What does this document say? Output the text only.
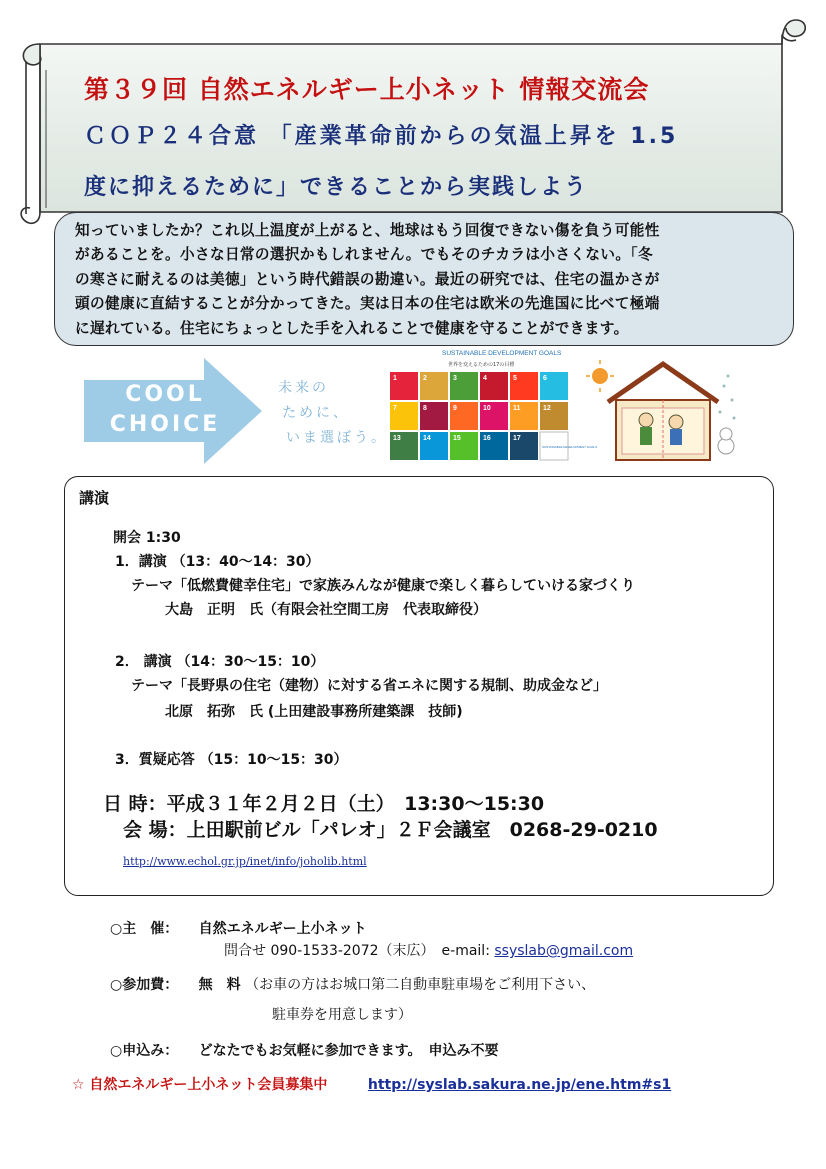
第３９回 自然エネルギー上小ネット 情報交流会
ＣＯＰ２４合意 「産業革命前からの気温上昇を 1.5
度に抑えるために」できることから実践しよう

知っていましたか？これ以上温度が上がると、地球はもう回復できない傷を負う可能性

があることを。小さな日常の選択かもしれません。でもそのチカラは小さくない。「冬

の寒さに耐えるのは美徳」という時代錯誤の勘違い。最近の研究では、住宅の温かさが

頭の健康に直結することが分かってきた。実は日本の住宅は欧米の先進国に比べて極端

に遅れている。住宅にちょっとした手を入れることで健康を守ることができます。

COOL
CHOICE
未来の
ために、
いま選ぼう。
SUSTAINABLE DEVELOPMENT GOALS
世界を変えるための17の目標
1	2	3	4	5	6
7	8	9	10	11	12
13	14	15	16	17
SUSTAINABLE DEVELOPMENT GOALS
講演
開会 1:30
1．講演 （13：40～14：30）
テーマ「低燃費健幸住宅」で家族みんなが健康で楽しく暮らしていける家づくり
大島　正明　氏（有限会社空間工房　代表取締役）
2． 講演 （14：30～15：10）
テーマ「長野県の住宅（建物）に対する省エネに関する規制、助成金など」
北原　拓弥　氏 (上田建設事務所建築課　技師)
3．質疑応答 （15：10～15：30）
日 時：平成３１年２月２日（土）　13:30～15:30
会 場：上田駅前ビル「パレオ」２Ｆ会議室　0268-29-0210
http://www.echol.gr.jp/inet/info/joholib.html
○主　催： 自然エネルギー上小ネット
問合せ 090-1533-2072（末広）　e-mail: ssyslab@gmail.com
○参加費： 無　料 （お車の方はお城口第二自動車駐車場をご利用下さい、
駐車券を用意します）
○申込み： どなたでもお気軽に参加できます。　申込み不要
☆ 自然エネルギー上小ネット会員募集中	http://syslab.sakura.ne.jp/ene.htm#s1
